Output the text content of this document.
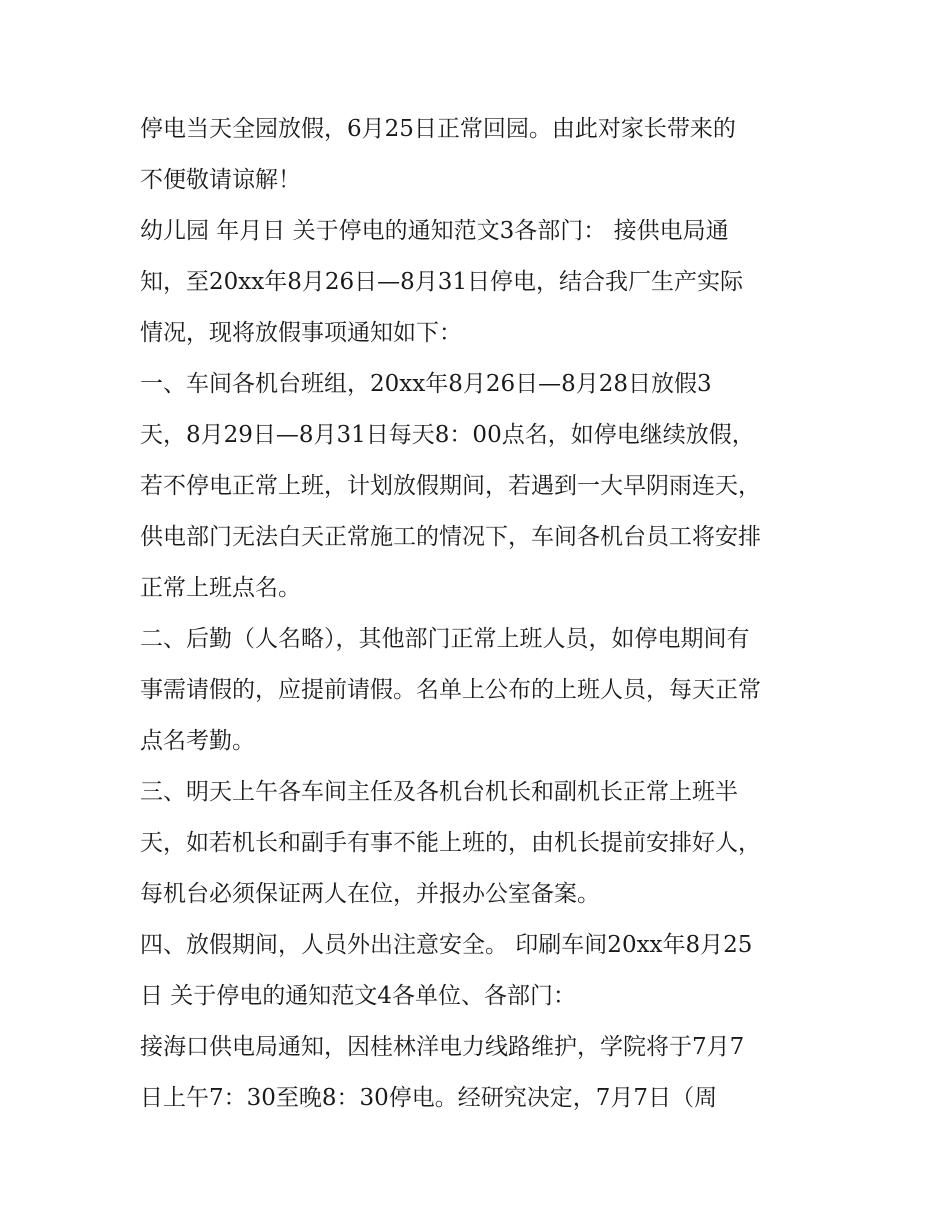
停电当天全园放假，6月25日正常回园。由此对家长带来的
不便敬请谅解！
幼儿园 年月日 关于停电的通知范文3各部门： 接供电局通
知，至20xx年8月26日—8月31日停电，结合我厂生产实际
情况，现将放假事项通知如下：
一、车间各机台班组，20xx年8月26日—8月28日放假3
天，8月29日—8月31日每天8：00点名，如停电继续放假，
若不停电正常上班，计划放假期间，若遇到一大早阴雨连天，
供电部门无法白天正常施工的情况下，车间各机台员工将安排
正常上班点名。
二、后勤（人名略），其他部门正常上班人员，如停电期间有
事需请假的，应提前请假。名单上公布的上班人员，每天正常
点名考勤。
三、明天上午各车间主任及各机台机长和副机长正常上班半
天，如若机长和副手有事不能上班的，由机长提前安排好人，
每机台必须保证两人在位，并报办公室备案。
四、放假期间，人员外出注意安全。 印刷车间20xx年8月25
日 关于停电的通知范文4各单位、各部门：
接海口供电局通知，因桂林洋电力线路维护，学院将于7月7
日上午7：30至晚8：30停电。经研究决定，7月7日（周
